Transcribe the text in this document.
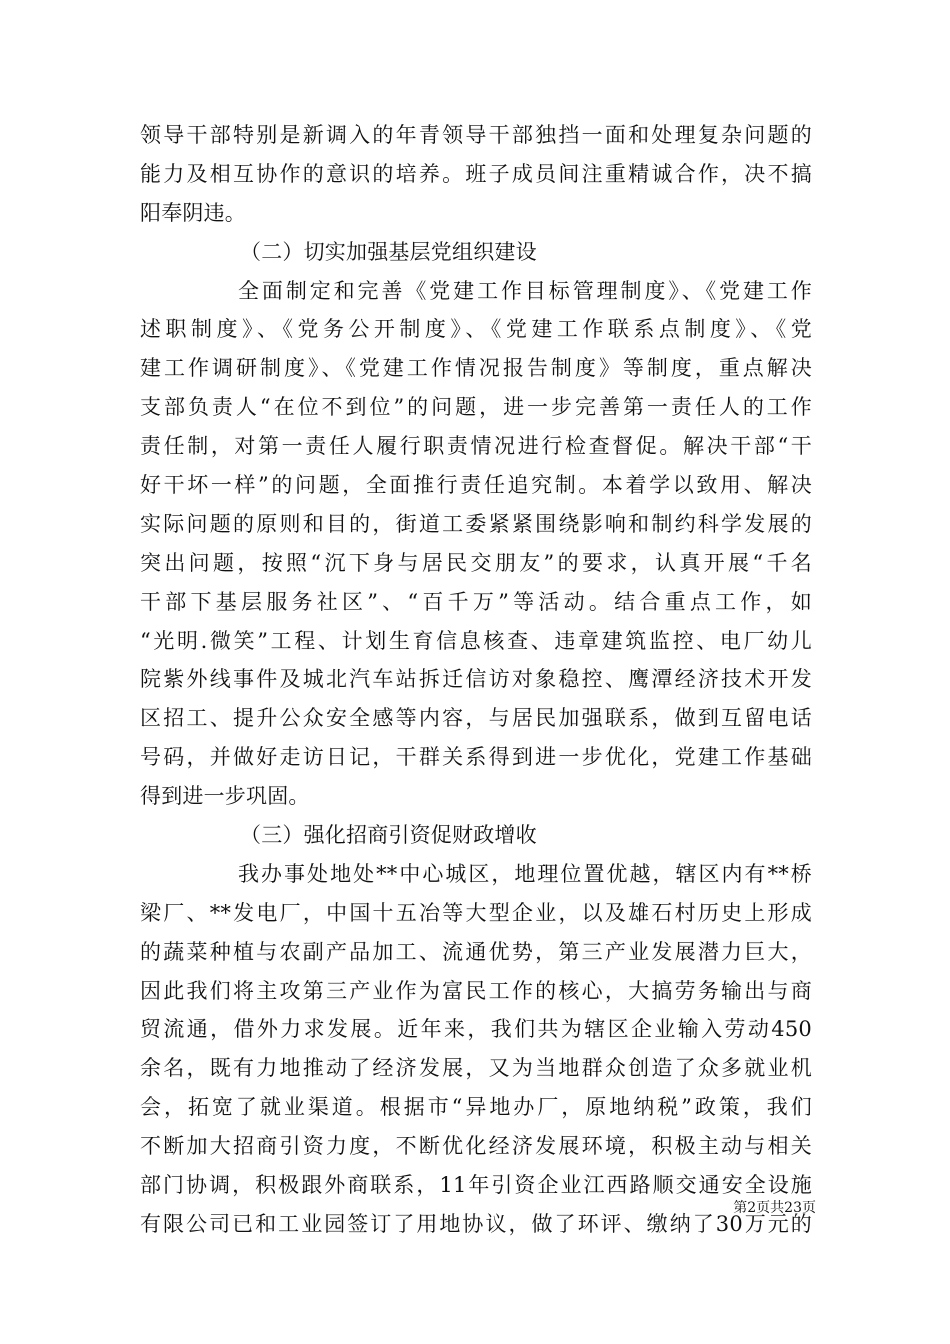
领导干部特别是新调入的年青领导干部独挡一面和处理复杂问题的
能力及相互协作的意识的培养。班子成员间注重精诚合作，决不搞
阳奉阴违。
（二）切实加强基层党组织建设
全面制定和完善《党建工作目标管理制度》、《党建工作
述职制度》、《党务公开制度》、《党建工作联系点制度》、《党
建工作调研制度》、《党建工作情况报告制度》等制度，重点解决
支部负责人“在位不到位”的问题，进一步完善第一责任人的工作
责任制，对第一责任人履行职责情况进行检查督促。解决干部“干
好干坏一样”的问题，全面推行责任追究制。本着学以致用、解决
实际问题的原则和目的，街道工委紧紧围绕影响和制约科学发展的
突出问题，按照“沉下身与居民交朋友”的要求，认真开展“千名
干部下基层服务社区”、“百千万”等活动。结合重点工作，如
“光明.微笑”工程、计划生育信息核查、违章建筑监控、电厂幼儿
院紫外线事件及城北汽车站拆迁信访对象稳控、鹰潭经济技术开发
区招工、提升公众安全感等内容，与居民加强联系，做到互留电话
号码，并做好走访日记，干群关系得到进一步优化，党建工作基础
得到进一步巩固。
（三）强化招商引资促财政增收
我办事处地处**中心城区，地理位置优越，辖区内有**桥
梁厂、**发电厂，中国十五冶等大型企业，以及雄石村历史上形成
的蔬菜种植与农副产品加工、流通优势，第三产业发展潜力巨大，
因此我们将主攻第三产业作为富民工作的核心，大搞劳务输出与商
贸流通，借外力求发展。近年来，我们共为辖区企业输入劳动450
余名，既有力地推动了经济发展，又为当地群众创造了众多就业机
会，拓宽了就业渠道。根据市“异地办厂，原地纳税”政策，我们
不断加大招商引资力度，不断优化经济发展环境，积极主动与相关
部门协调，积极跟外商联系，11年引资企业江西路顺交通安全设施
有限公司已和工业园签订了用地协议，做了环评、缴纳了30万元的
第2页共23页
